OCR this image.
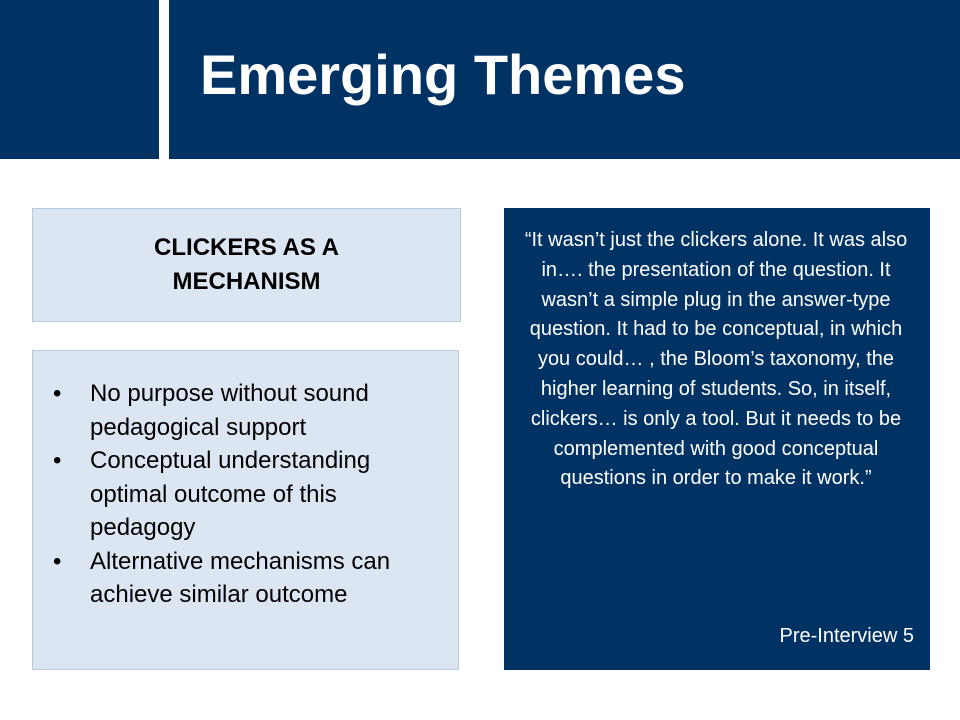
Emerging Themes
CLICKERS AS A MECHANISM
•	No purpose without sound pedagogical support
•	Conceptual understanding optimal outcome of this pedagogy
•	Alternative mechanisms can achieve similar outcome

“It wasn’t just the clickers alone. It was also in…. the presentation of the question. It wasn’t a simple plug in the answer-type question. It had to be conceptual, in which you could… , the Bloom’s taxonomy, the higher learning of students. So, in itself, clickers… is only a tool. But it needs to be complemented with good conceptual questions in order to make it work.”

Pre-Interview 5
